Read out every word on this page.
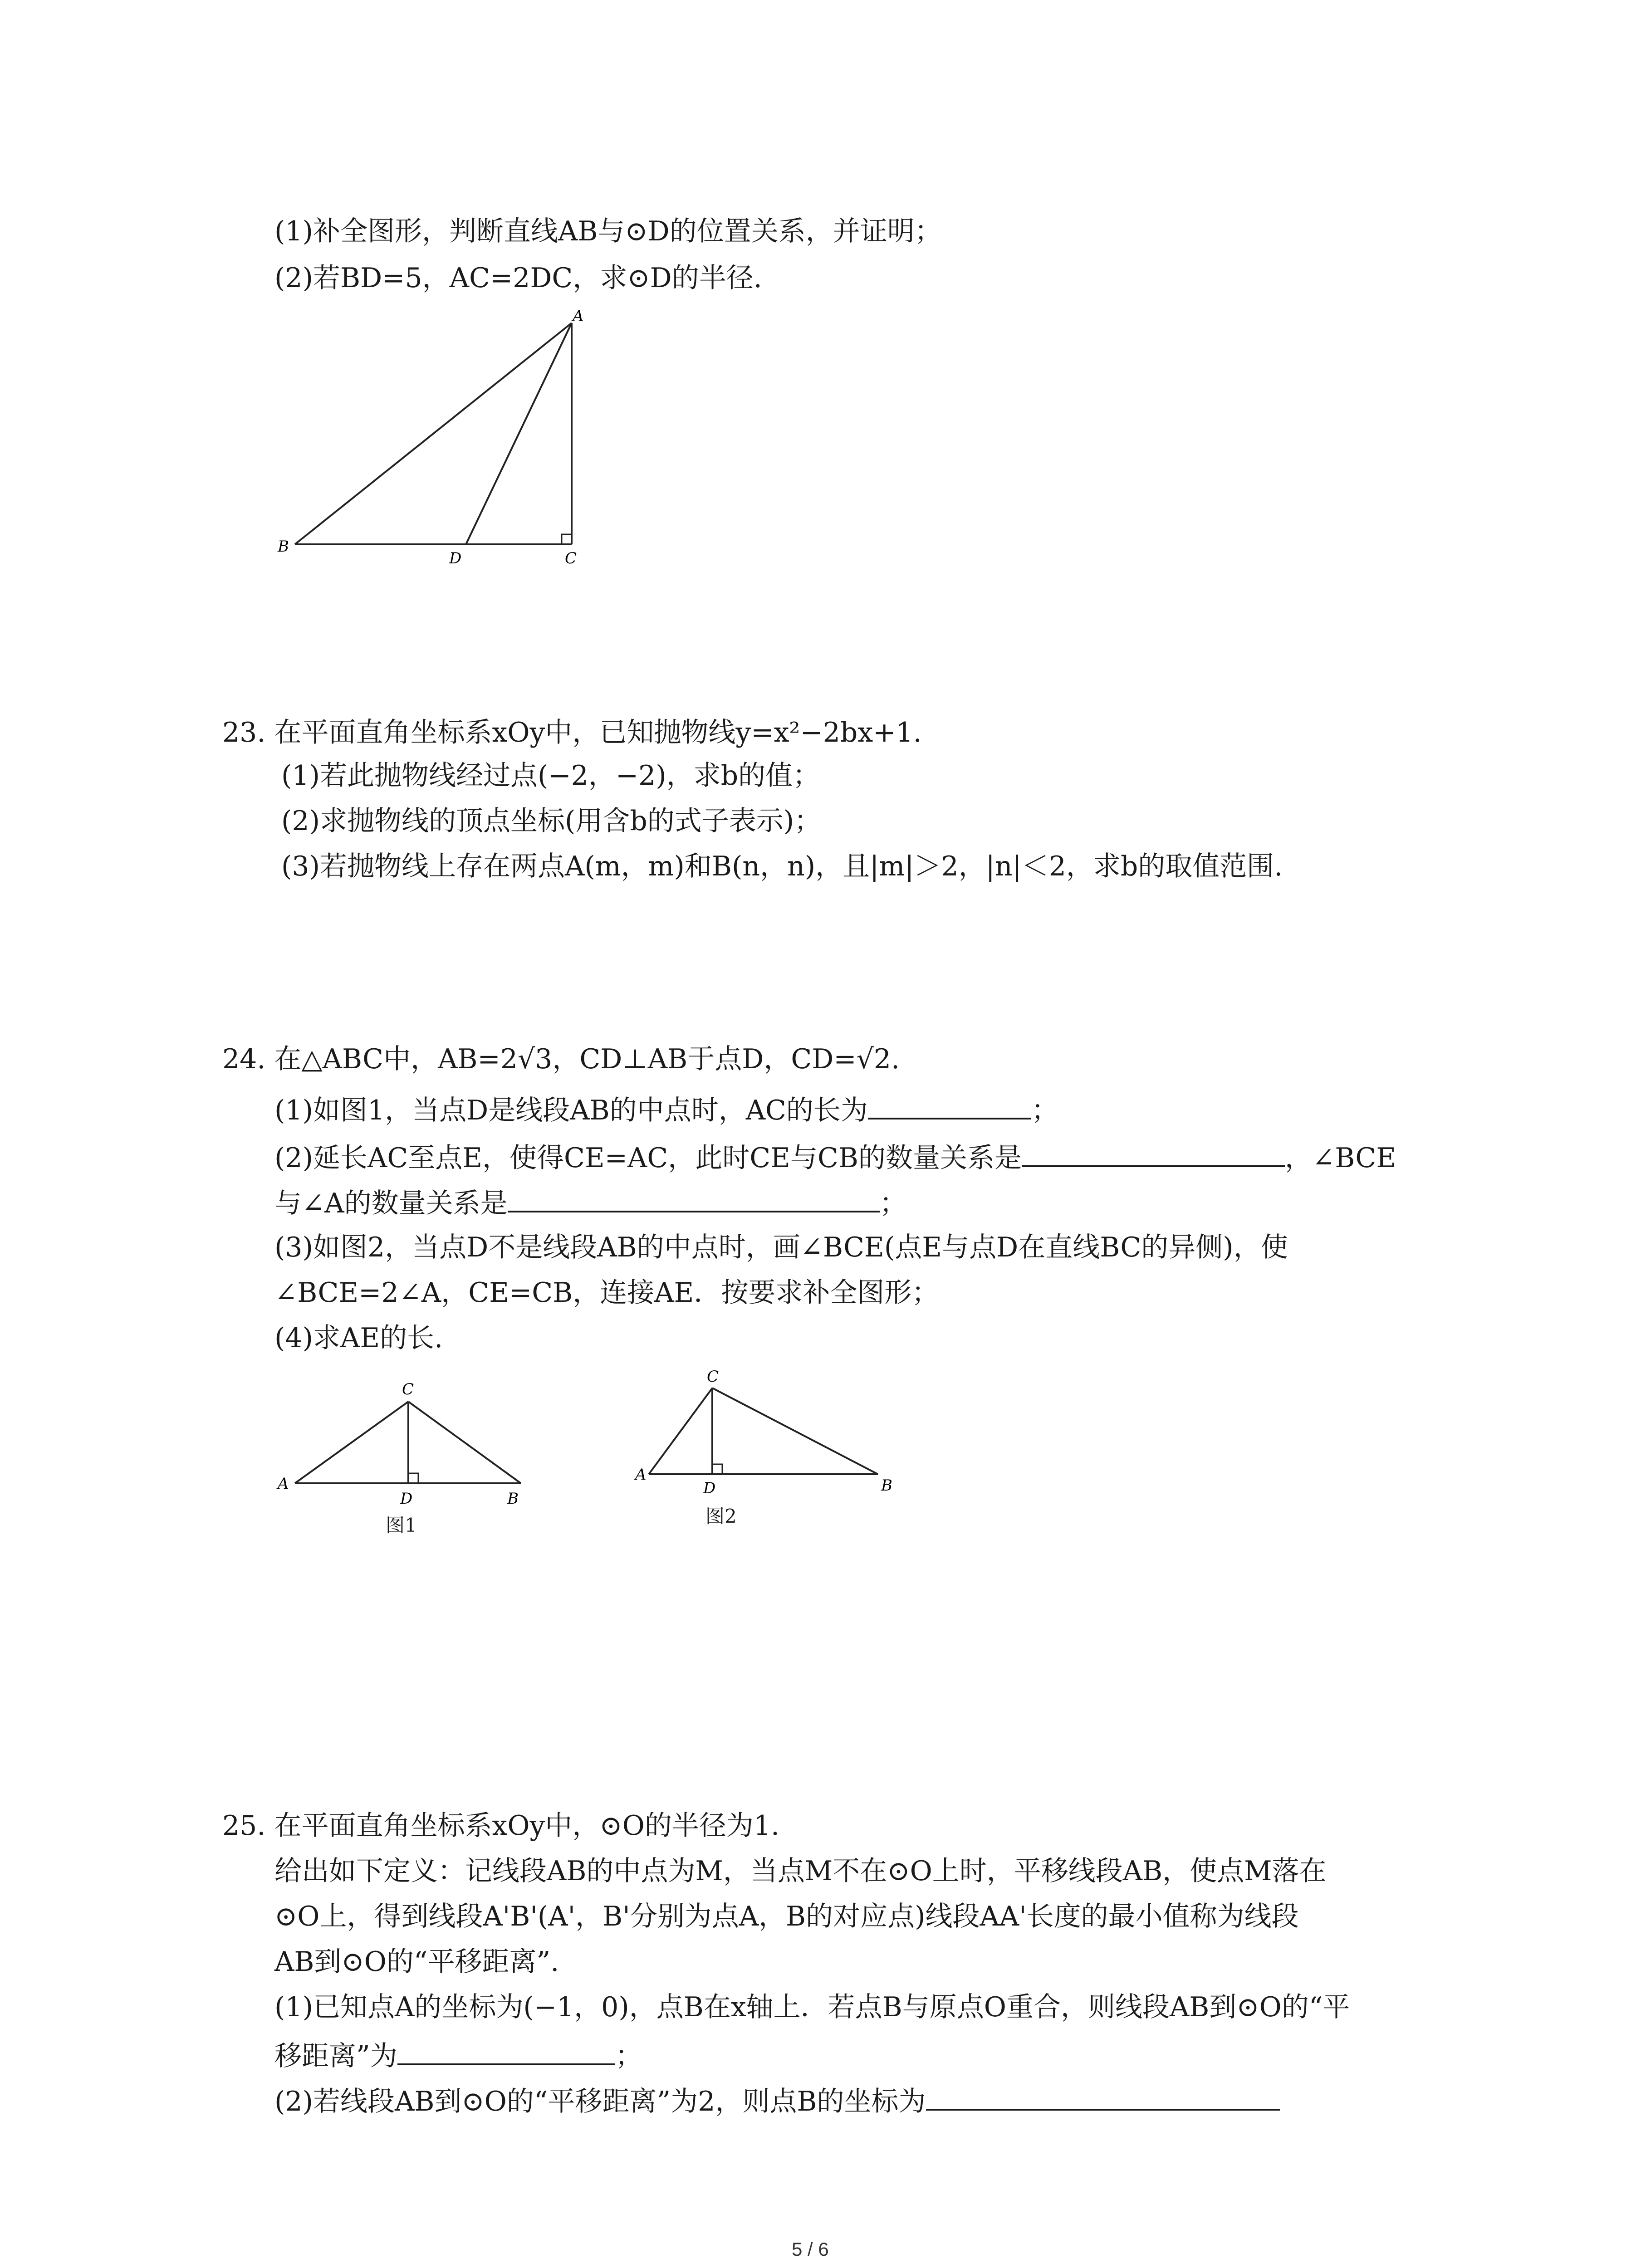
(1)补全图形，判断直线AB与⊙D的位置关系，并证明；
(2)若BD=5，AC=2DC，求⊙D的半径.
A
B
D	C
23. 在平面直角坐标系xOy中，已知抛物线y=x²−2bx+1.
(1)若此抛物线经过点(−2，−2)，求b的值；
(2)求抛物线的顶点坐标(用含b的式子表示)；
(3)若抛物线上存在两点A(m，m)和B(n，n)，且|m|＞2，|n|＜2，求b的取值范围.
24. 在△ABC中，AB=2√3，CD⊥AB于点D，CD=√2.
(1)如图1，当点D是线段AB的中点时，AC的长为	；
(2)延长AC至点E，使得CE=AC，此时CE与CB的数量关系是	，∠BCE
与∠A的数量关系是	；
(3)如图2，当点D不是线段AB的中点时，画∠BCE(点E与点D在直线BC的异侧)，使
∠BCE=2∠A，CE=CB，连接AE．按要求补全图形；
(4)求AE的长.
C
A
D	B
图1
C
A
D	B
图2
25. 在平面直角坐标系xOy中，⊙O的半径为1.
给出如下定义：记线段AB的中点为M，当点M不在⊙O上时，平移线段AB，使点M落在
⊙O上，得到线段A'B'(A'，B'分别为点A，B的对应点)线段AA'长度的最小值称为线段
AB到⊙O的“平移距离”.
(1)已知点A的坐标为(−1，0)，点B在x轴上．若点B与原点O重合，则线段AB到⊙O的“平
移距离”为	；
(2)若线段AB到⊙O的“平移距离”为2，则点B的坐标为
5 / 6
